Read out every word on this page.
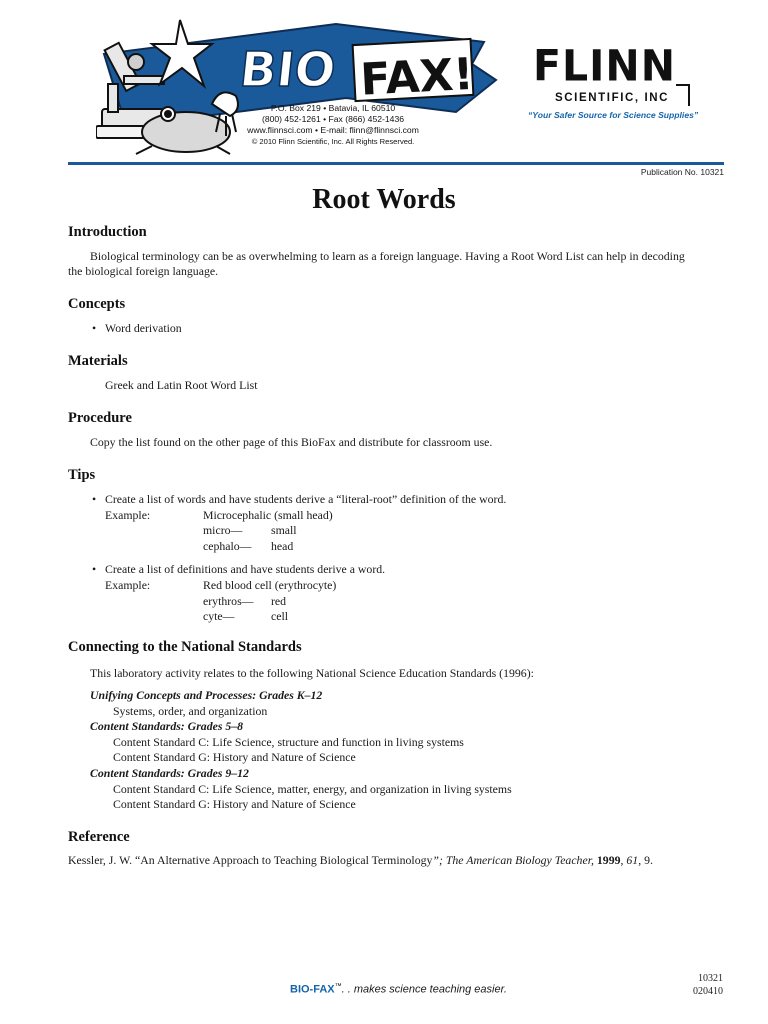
BIO FAX!
P.O. Box 219 • Batavia, IL 60510
(800) 452-1261 • Fax (866) 452-1436
www.flinnsci.com • E-mail: flinn@flinnsci.com
© 2010 Flinn Scientific, Inc. All Rights Reserved.
FLINN
SCIENTIFIC, INC
“Your Safer Source for Science Supplies”
Publication No. 10321
Root Words
Introduction
Biological terminology can be as overwhelming to learn as a foreign language. Having a Root Word List can help in decoding
the biological foreign language.
Concepts
• Word derivation
Materials
Greek and Latin Root Word List
Procedure
Copy the list found on the other page of this BioFax and distribute for classroom use.
Tips
• Create a list of words and have students derive a “literal-root” definition of the word.
Example:	Microcephalic (small head)
micro— small
cephalo— head
• Create a list of definitions and have students derive a word.
Example:	Red blood cell (erythrocyte)
erythros— red
cyte—	cell
Connecting to the National Standards
This laboratory activity relates to the following National Science Education Standards (1996):
Unifying Concepts and Processes: Grades K–12
Systems, order, and organization
Content Standards: Grades 5–8
Content Standard C: Life Science, structure and function in living systems
Content Standard G: History and Nature of Science
Content Standards: Grades 9–12
Content Standard C: Life Science, matter, energy, and organization in living systems
Content Standard G: History and Nature of Science
Reference
Kessler, J. W. “An Alternative Approach to Teaching Biological Terminology”; The American Biology Teacher, 1999, 61, 9.
BIO-FAX™. . makes science teaching easier.
10321
020410
